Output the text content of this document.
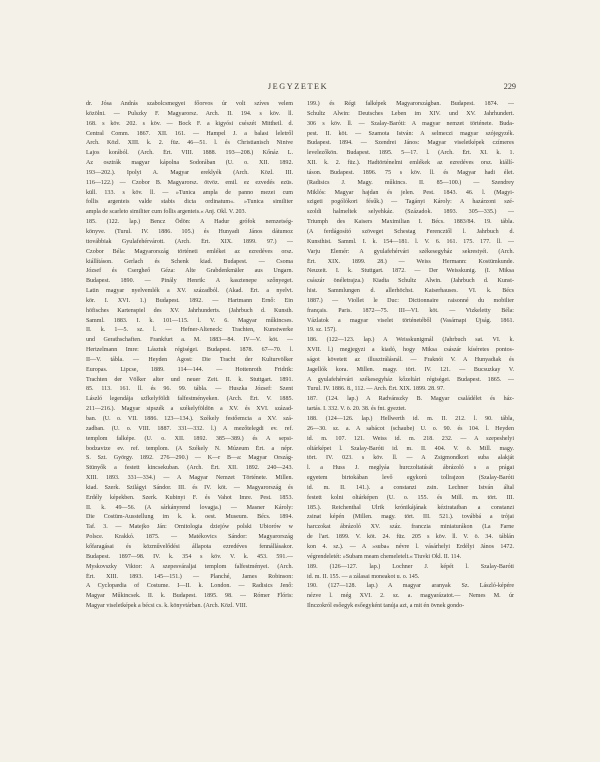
JEGYZETEK	229
dr. Jósa András szabolcsmegyei főorvos úr volt szíves velem
közölni. — Pulszky F. Magyarorsz. Arch. II. 194. s köv. ll.
168. s köv. 202. s köv. — Bock F. a kigyósi csészét Mittheil. d.
Central Comm. 1867. XII. 161. — Hampel J. a balasi leletről
Arch. Közl. XIII. k. 2. füz. 46—51. l. és Christianisch Ninive
Lajos korából. (Arch. Ért. VIII. 1888. 193—208.) Kőnáz L.
Az osztrák magyar kápolna Sodorában (U. o. XII. 1892.
193—202.). Ipolyi A. Magyar ereklyék (Arch. Közl. III.
116—122.) — Czobor B. Magyarorsz. ötvöz. emil. ez ezvedés ezüs.
küll. 133. s köv. ll. — »Tunica ampla de panno mezei cum
follis argenteis valde stabis dicta ordinatum«. »Tunica similiter
ampla de scarleto similiter cum follis argenteis.« Anj. Okl. V. 203.
185. (122. lap.) Bencz Ödön: A Hadur grófok nemzetség-
könyve. (Turul. IV. 1886. 105.) és Hunyadi János dátumoz
ttovábbiak Gyulafehérvárott. (Arch. Ért. XIX. 1899. 97.) —
Czobor Béla: Magyarország történeti emlékei az ezredéves orsz.
kiállításon. Gerlach és Schenk kiad. Budapest. — Csoma
József és Csergheő Géza: Alte Grabdenkmäler aus Ungarn.
Budapest. 1890. — Pinály Henrik: A kasztenepe szőnyeget.
Latin magyar nyelvemlék a XV. századból. (Akad. Ért. a nyelvt.
kör. I. XVI. 1.) Budapest. 1892. — Hartmann Ernő: Ein
höfisches Kartenspiel des XV. Jahrhunderts. (Jahrbuch d. Kunsth.
Samml. 1883. I. k. 101—115. l. V. 6. Magyar műkincses.
II. k. 1—5. sz. l. — Hefner-Alteneck: Trachten, Kunstwerke
und Gerathschaften. Frankfurt a. M. 1883—84. IV—V. köt. —
Hertzelmann Imre: Lásztuk régiségei. Budapest. 1878. 67—70. l.
II—V. tábla. — Heyden Ágost: Die Tracht der Kulturvölker
Europas. Lipcse, 1889. 114—144. — Hottenroth Fridrik:
Trachten der Völker alter und neuer Zeit. II. k. Stuttgart. 1891.
85. 113. 161. ll. és 96. 99. tábla. — Huszka József: Szent
László legendája szfkelyföldi falfestményeken. (Arch. Ért. V. 1885.
211—216.). Magyar sipszék a székelyföldön a XV. és XVI. század-
ban. (U. o. VII. 1886. 123—134.). Székely festőemcia a XV. szá-
zadban. (U. o. VIII. 1887. 331—332. l.) A mezőtelegdi ev. ref.
templom falképe. (U. o. XII. 1892. 385—389.) és A sepsi-
bodzavize ev. ref. templom. (A Székely N. Múzeum Ért. a népr.
S. Szt. György. 1892. 276—290.) — K—r B—a: Magyar Ország-
Stünyők a festett kincsekuban. (Arch. Ért. XII. 1892. 240—243.
XIII. 1893. 331—334.) — A Magyar Nemzet Története. Millen.
kiad. Szerk. Szilágyi Sándor. III. és IV. köt. — Magyarország és
Erdély képekben. Szerk. Kubinyi F. és Vahot Imre. Pest. 1853.
II. k. 49—56. (A sárkányrend lovagja.) — Masner Károly:
Die Costüm-Ausstellung im k. k. oest. Museum. Bécs. 1894.
Taf. 3. — Matejko Ján: Ornitologia dziejów polski Ubiorów w
Polsce. Krakkó. 1875. — Matékovics Sándor: Magyarország
kőfaragásai és közművelődési állapota ezredéves fennállásakor.
Budapest. 1897—98. IV. k. 354 s köv. V. k. 453. 591.—
Myskovszky Viktor: A szepesváraljai templom falfestményei. (Arch.
Ért. XIII. 1893. 145—151.) — Planché, James Robinson:
A Cyclopædia of Costume. I—II. k. London. — Radisics Jenő:
Magyar Műkincsek. II. k. Budapest. 1895. 98. — Rómer Flóris:
Magyar viseletképek a bécsi cs. k. könyvtárban. (Arch. Közl. VIII.
199.) és Régi falképek Magyarországban. Budapest. 1874. —
Schultz Alwin: Deutsches Leben im XIV. und XV. Jahrhundert.
306 s köv. ll. — Szalay-Baróti: A magyar nemzet története. Buda-
pest. II. köt. — Szamota István: A selmeczi magyar szójegyzék.
Budapest. 1894. — Szendrei János: Magyar viseletképek czímeres
levelezőkön. Budapest. 1895. 5—17. l. (Arch. Ért. XI. k. 1.
XII. k. 2. füz.). Hadtörténelmi emlékek az ezredéves orsz. kiállí-
táson. Budapest. 1896. 75 s köv. ll. és Magyar hadi élet.
(Radisics J. Magy. műkincs. II. 85—100.) — Szendrey
Miklós: Magyar hajdan és jelen. Pest. 1843. 46. l. (Magyi-
szigeti pogólókori fésűk.) — Tagányi Károly: A hazárzoni szé-
szoldi halmeltek selyehkáz. (Századok. 1893. 305—335.) —
Triumph des Kaisers Maximilian I. Bécs. 1883/84. 19. tábla.
(A ferdágosító szöveget Schestag Ferencztől l. Jahrbuch d.
Kunsthist. Samml. I. k. 154—181. l. V. 6. 161. 175. 177. ll. —
Varju Elemér: A gyulafehérvári székesegyház sekrestyéi. (Arch.
Ért. XIX. 1899. 28.) — Weiss Hermann: Kostümkunde.
Neuzeit. I. k. Stuttgart. 1872. — Der Weisskunig. (I. Miksa
császár önéletrajza.) Kiadta Schultz Alwin. (Jahrbuch d. Kunst-
hist. Sammlungen d. allerhöchst. Kaiserhauses. VI. k. Bécs
1887.) — Viollet le Duc: Dictionnaire raisonné du mobilier
français. Paris. 1872—75. III—VI. köt. — Vizkeletty Béla:
Vázlatok a magyar viselet történetéből (Vasárnapi Újság. 1861.
19. sz. 157).
186. (122—123. lap.) A Weisskunigmál (Jahrbuch sat. VI. k.
XVII. l.) megjegyzi a kiadó, hogy Miksa császár kíséretes pontos-
ságot követett az illusztrálásnál. — Fraknói V. A Hunyadiak és
Jagellók kora. Millen. magy. tört. IV. 121. — Bucsuzkay V.
A gyulafehérvári székesegyház kőzeltári régiségei. Budapest. 1865. —
Turul. IV. 1886. 8., 112. — Arch. Ért. XIX. 1899. 28. 97.
187. (124. lap.) A Radvánszky B. Magyar családélet és ház-
tartás. I. 332. V. ö. 20. 38. és fnt. gyeztet.
188. (124—126. lap.) Hellwerth id. m. II. 212. l. 90. tábla,
26—30. sz. a. A sabácot (schaube) U. o. 90. és 104. l. Heyden
id. m. 107. 121. Weiss id. m. 218. 232. — A szepeshelyi
oltárképet l. Szalay-Baróti id. m. II. 404. V. ö. Mill. magy.
tört. IV. 023. s köv. ll. — A Zsigmondkori suba alakját
l. a Huss J. meglyáa hurczoltatását ábrázoló s a prágai
egyetem birtokában levő egykorú tollrajzon (Szalay-Baróti
id. m. II. 141.). a constanzi zsin. Lechner István által
festett kolni oltárképen (U. o. 155. és Mill. m. tört. III.
185.). Reichenthal Ulrik krónikájának kézirataiban a constanzi
zsinat képén (Millen. magy. tört. III. 521.). továbbá a trójai
harczokat ábrázoló XV. száz. franczia miniaturákon (La Farne
de l'art. 1899. V. köt. 24. füz. 205 s köv. ll. V. ö. 34. táblán
kon 4. sz.). — A »suba« névre l. vásárhelyi Erdélyi János 1472.
végrendeletét: »Subam meam chemeletelt.« Tiuvki Okl. II. 114.
189. (126—127. lap.) Lochner J. képét l. Szalay-Baróti
id. m. II. 155. — a zálasai moneakot u. o. 145.
190. (127—128. lap.) A magyar aranyak Sz. László-képére
nézve l. még XVI. 2. sz. a. magyarázatot.— Nemes M. úr
Ilnczokról esőegyk esőegyként tanúja azt, a mit én övnek gondo-
